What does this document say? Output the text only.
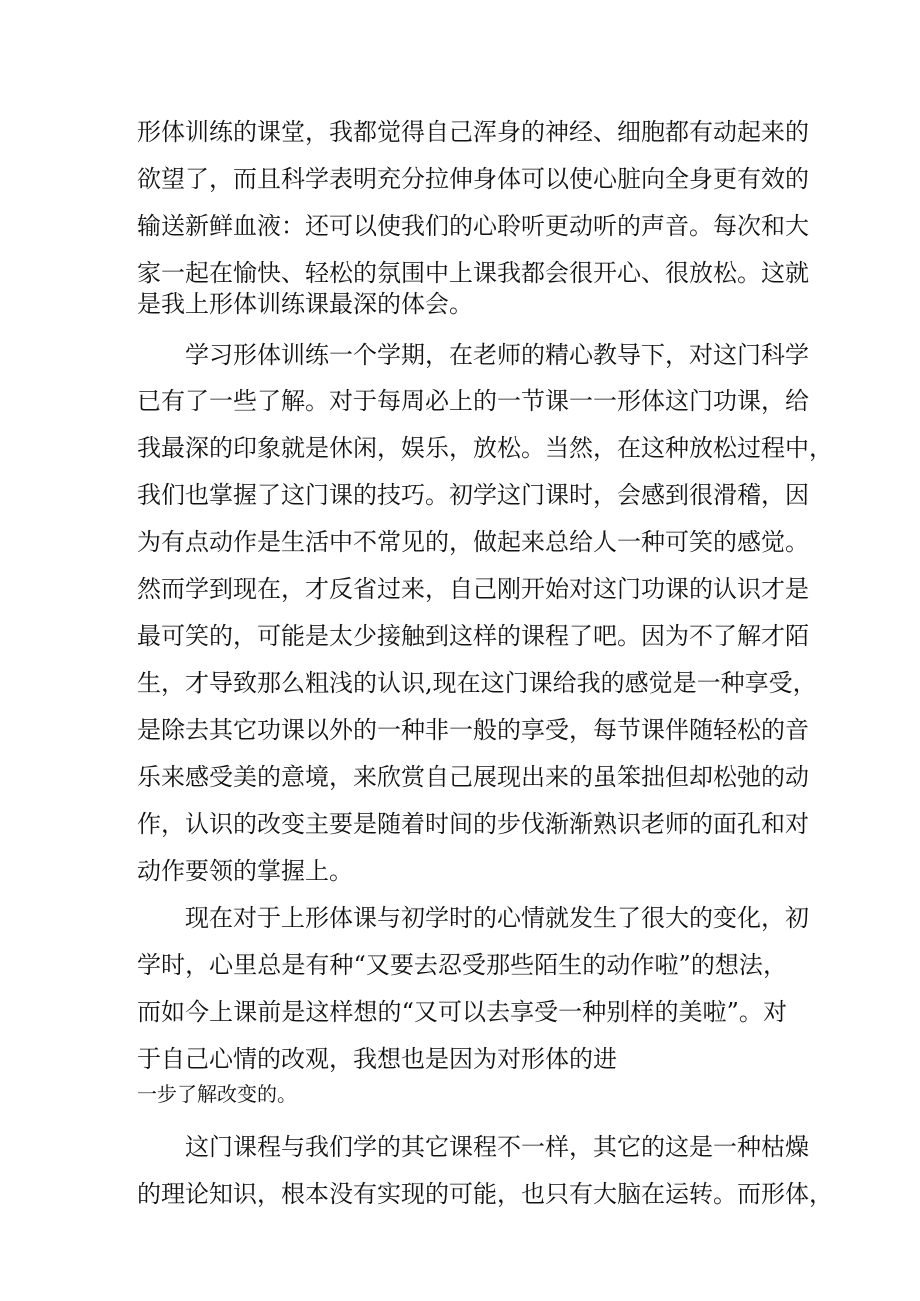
形体训练的课堂，我都觉得自己浑身的神经、细胞都有动起来的
欲望了，而且科学表明充分拉伸身体可以使心脏向全身更有效的
输送新鲜血液：还可以使我们的心聆听更动听的声音。每次和大
家一起在愉快、轻松的氛围中上课我都会很开心、很放松。这就
是我上形体训练课最深的体会。
学习形体训练一个学期，在老师的精心教导下，对这门科学
已有了一些了解。对于每周必上的一节课一一形体这门功课，给
我最深的印象就是休闲，娱乐，放松。当然，在这种放松过程中，
我们也掌握了这门课的技巧。初学这门课时，会感到很滑稽，因
为有点动作是生活中不常见的，做起来总给人一种可笑的感觉。
然而学到现在，才反省过来，自己刚开始对这门功课的认识才是
最可笑的，可能是太少接触到这样的课程了吧。因为不了解才陌
生，才导致那么粗浅的认识,现在这门课给我的感觉是一种享受，
是除去其它功课以外的一种非一般的享受，每节课伴随轻松的音
乐来感受美的意境，来欣赏自己展现出来的虽笨拙但却松弛的动
作，认识的改变主要是随着时间的步伐渐渐熟识老师的面孔和对
动作要领的掌握上。
现在对于上形体课与初学时的心情就发生了很大的变化，初
学时，心里总是有种“又要去忍受那些陌生的动作啦”的想法，
而如今上课前是这样想的“又可以去享受一种别样的美啦”。对
于自己心情的改观，我想也是因为对形体的进
一步了解改变的。
这门课程与我们学的其它课程不一样，其它的这是一种枯燥
的理论知识，根本没有实现的可能，也只有大脑在运转。而形体，
